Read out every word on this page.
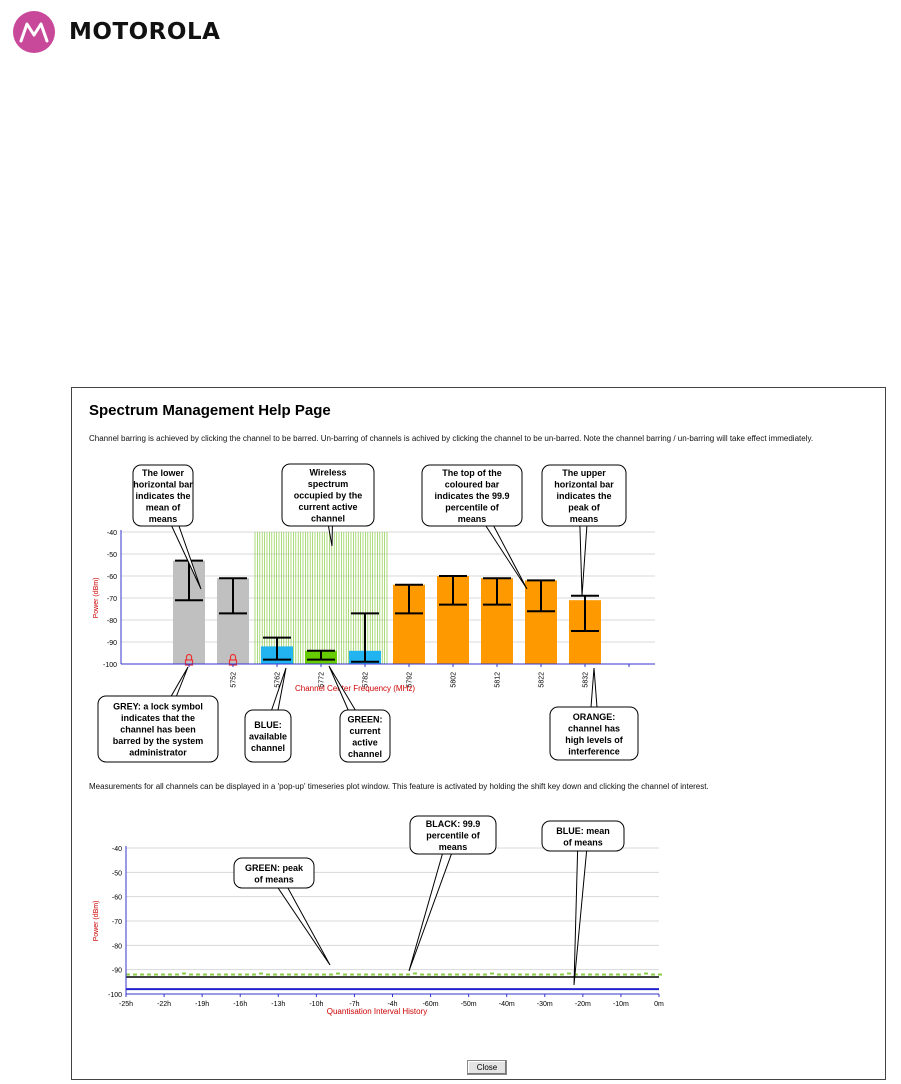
MOTOROLA
Spectrum Management Help Page
Channel barring is achieved by clicking the channel to be barred. Un-barring of channels is achived by clicking the channel to be un-barred. Note the channel barring / un-barring will take effect immediately.
-40
-50
-60
-70
-80
-90
-100
5752	5762	5772	5782	5792	5802	5812	5822	5832
Channel Center Frequency (MHz)
Power (dBm)
The lower
horizontal bar
indicates the
mean of
means
Wireless
spectrum
occupied by the
current active
channel
The top of the
coloured bar
indicates the 99.9
percentile of
means
The upper
horizontal bar
indicates the
peak of
means
GREY: a lock symbol
indicates that the
channel has been
barred by the system
administrator
BLUE:
available
channel
GREEN:
current
active
channel
ORANGE:
channel has
high levels of
interference
Measurements for all channels can be displayed in a 'pop-up' timeseries plot window. This feature is activated by holding the shift key down and clicking the channel of interest.
-40
-50
-60
-70
-80
-90
-100
-25h	-22h	-19h	-16h	-13h	-10h	-7h	-4h	-60m	-50m	-40m	-30m	-20m	-10m	0m
Quantisation Interval History
Power (dBm)
GREEN: peak
of means
BLACK: 99.9
percentile of
means
BLUE: mean
of means
Close
